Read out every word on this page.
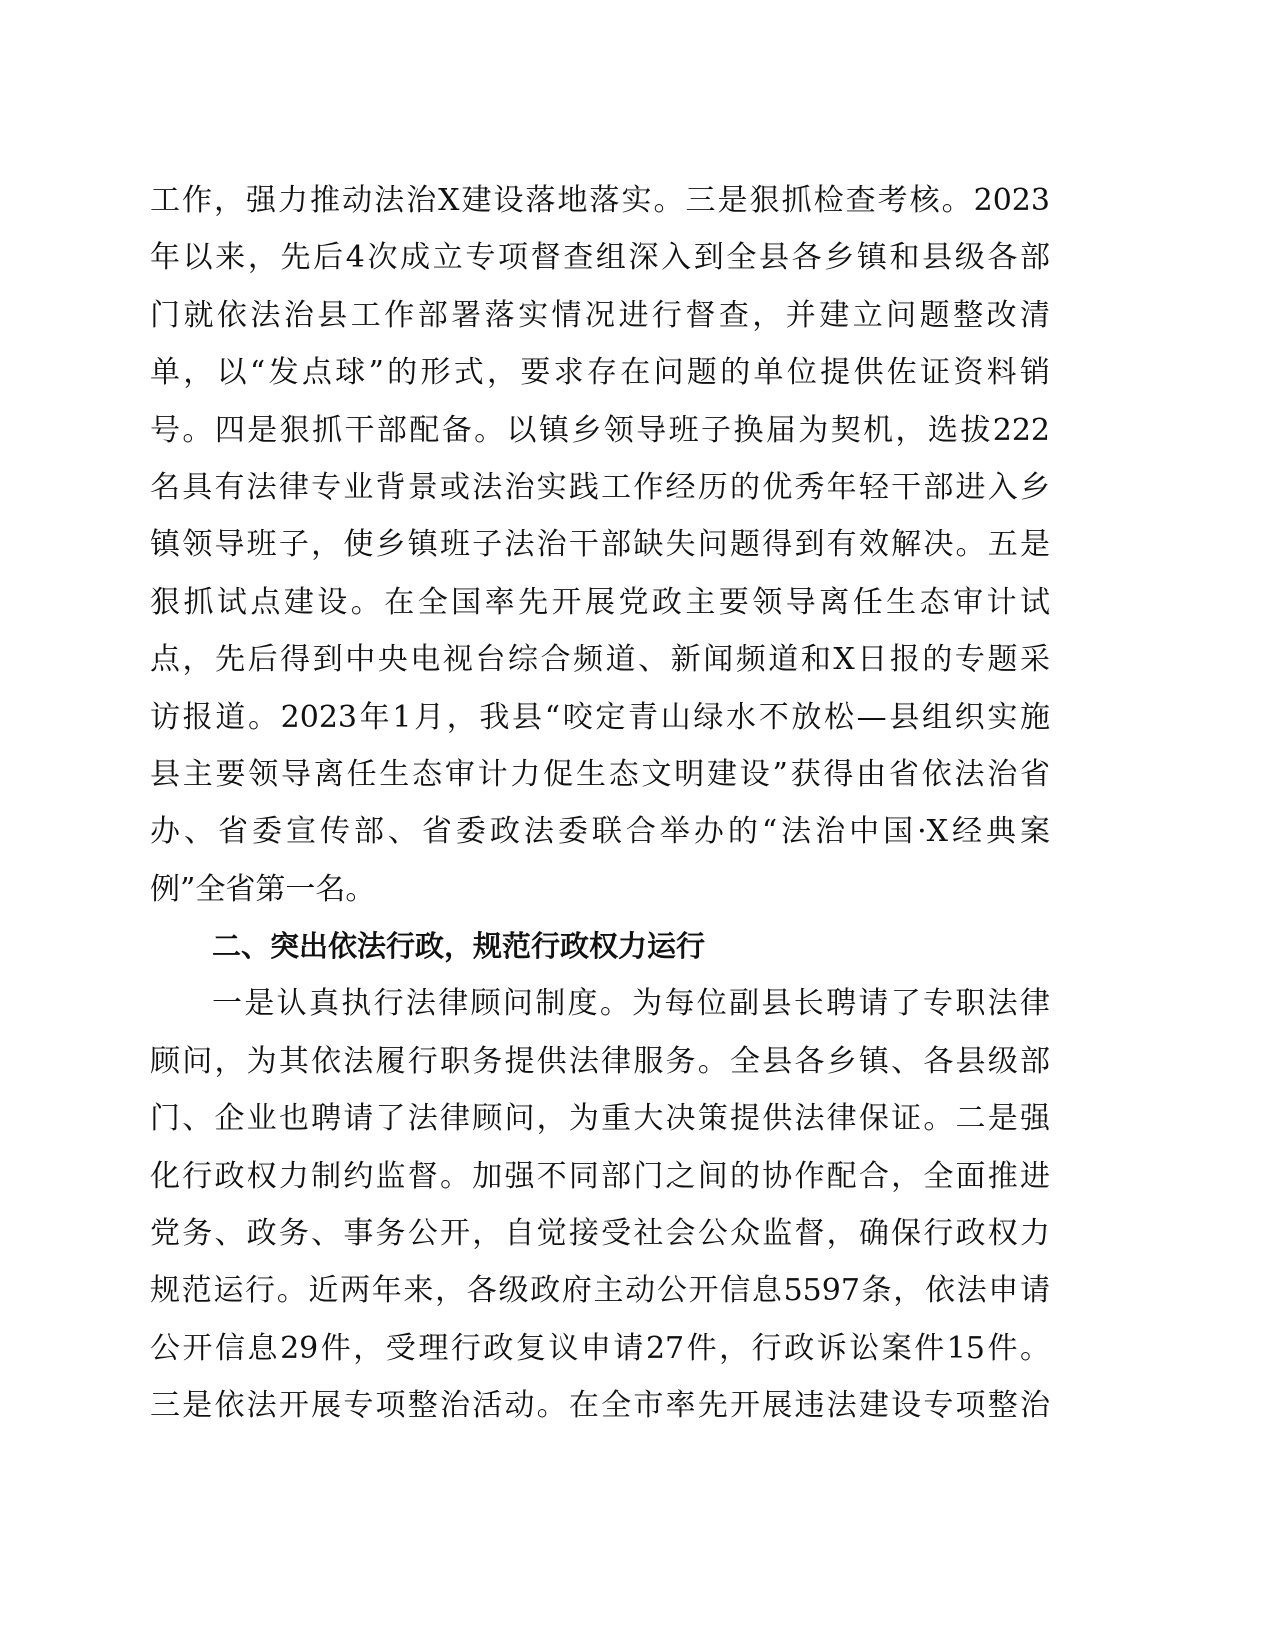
工作，强力推动法治X建设落地落实。三是狠抓检查考核。2023
年以来，先后4次成立专项督查组深入到全县各乡镇和县级各部
门就依法治县工作部署落实情况进行督查，并建立问题整改清
单，以“发点球”的形式，要求存在问题的单位提供佐证资料销
号。四是狠抓干部配备。以镇乡领导班子换届为契机，选拔222
名具有法律专业背景或法治实践工作经历的优秀年轻干部进入乡
镇领导班子，使乡镇班子法治干部缺失问题得到有效解决。五是
狠抓试点建设。在全国率先开展党政主要领导离任生态审计试
点，先后得到中央电视台综合频道、新闻频道和X日报的专题采
访报道。2023年1月，我县“咬定青山绿水不放松—县组织实施
县主要领导离任生态审计力促生态文明建设”获得由省依法治省
办、省委宣传部、省委政法委联合举办的“法治中国·X经典案
例”全省第一名。
二、突出依法行政，规范行政权力运行
一是认真执行法律顾问制度。为每位副县长聘请了专职法律
顾问，为其依法履行职务提供法律服务。全县各乡镇、各县级部
门、企业也聘请了法律顾问，为重大决策提供法律保证。二是强
化行政权力制约监督。加强不同部门之间的协作配合，全面推进
党务、政务、事务公开，自觉接受社会公众监督，确保行政权力
规范运行。近两年来，各级政府主动公开信息5597条，依法申请
公开信息29件，受理行政复议申请27件，行政诉讼案件15件。
三是依法开展专项整治活动。在全市率先开展违法建设专项整治
